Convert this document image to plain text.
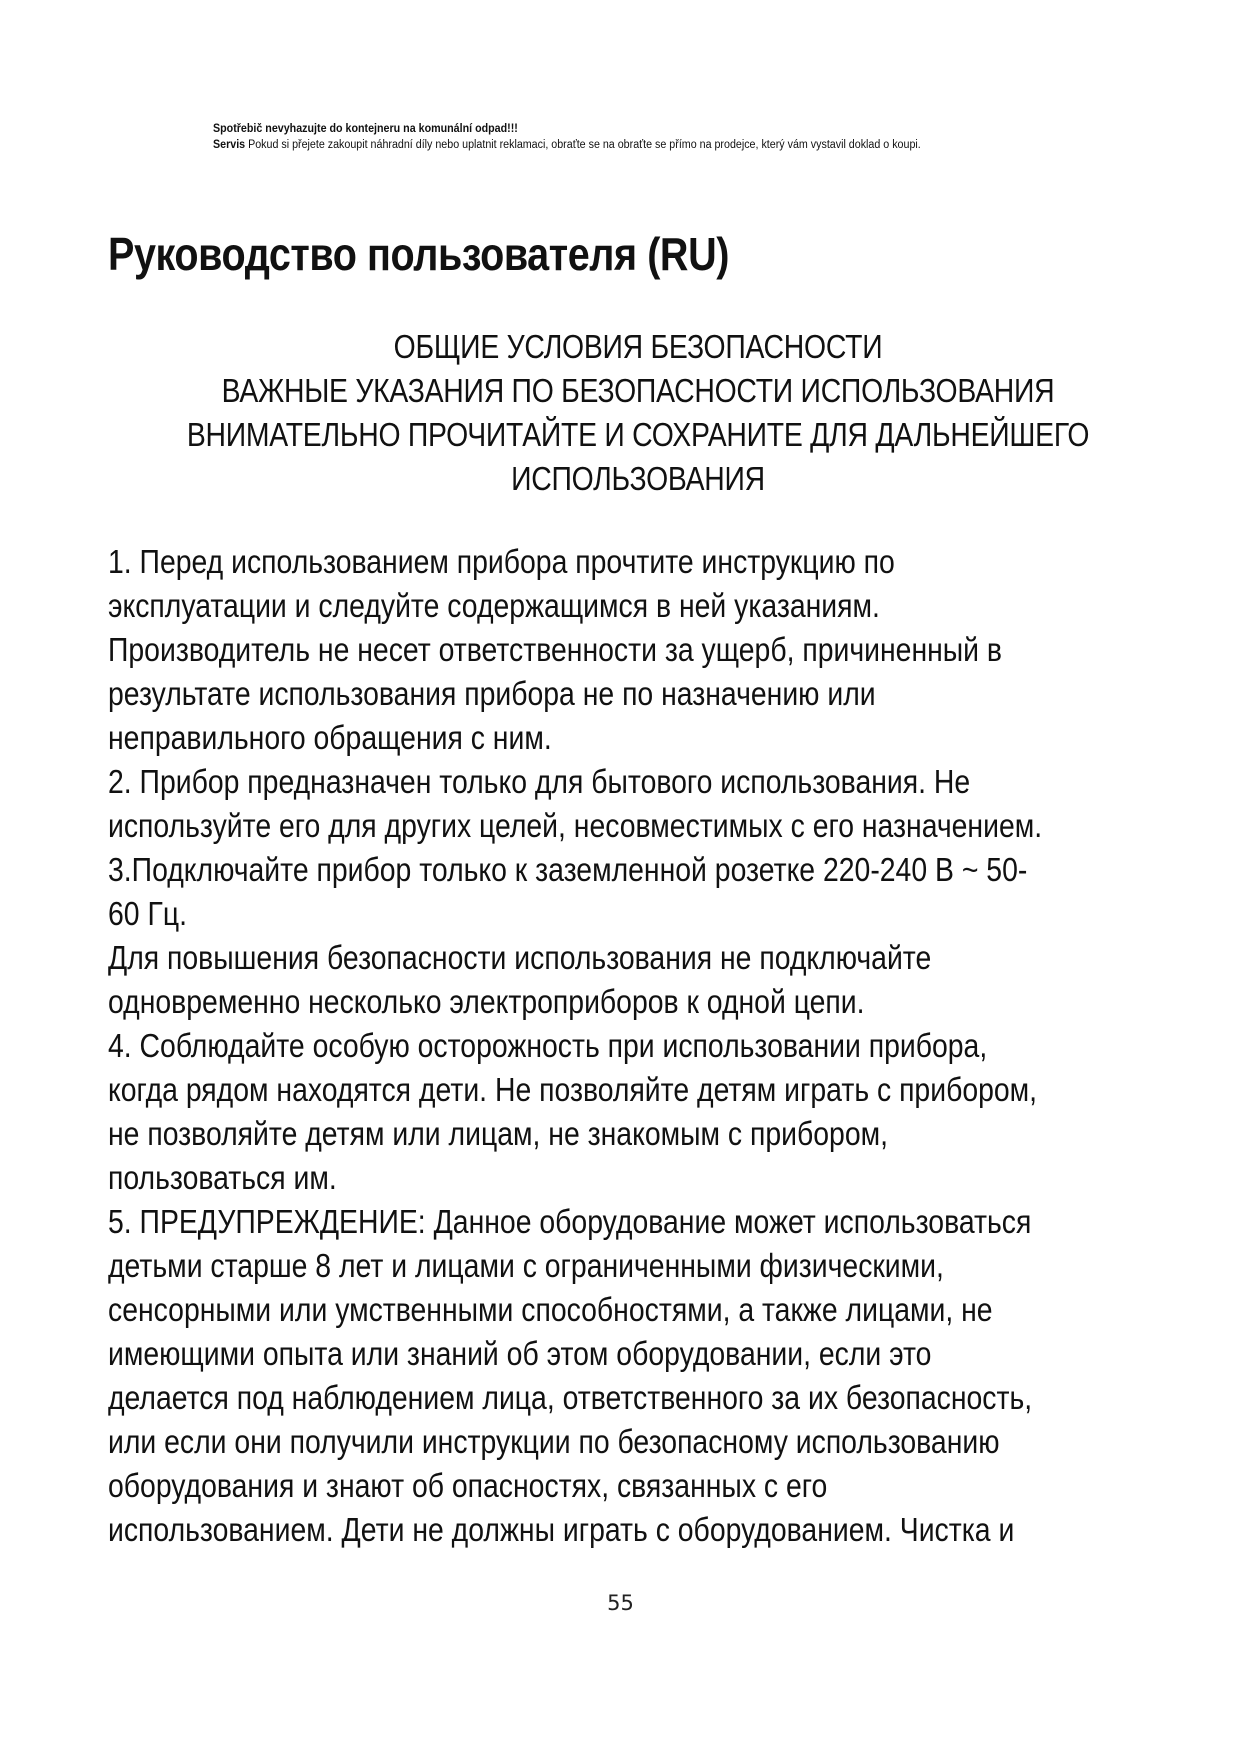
Spotřebič nevyhazujte do kontejneru na komunální odpad!!!
Servis Pokud si přejete zakoupit náhradní díly nebo uplatnit reklamaci, obraťte se na obraťte se přímo na prodejce, který vám vystavil doklad o koupi.
Руководство пользователя (RU)
ОБЩИЕ УСЛОВИЯ БЕЗОПАСНОСТИ
ВАЖНЫЕ УКАЗАНИЯ ПО БЕЗОПАСНОСТИ ИСПОЛЬЗОВАНИЯ
ВНИМАТЕЛЬНО ПРОЧИТАЙТЕ И СОХРАНИТЕ ДЛЯ ДАЛЬНЕЙШЕГО
ИСПОЛЬЗОВАНИЯ
1. Перед использованием прибора прочтите инструкцию по
эксплуатации и следуйте содержащимся в ней указаниям.
Производитель не несет ответственности за ущерб, причиненный в
результате использования прибора не по назначению или
неправильного обращения с ним.
2. Прибор предназначен только для бытового использования. Не
используйте его для других целей, несовместимых с его назначением.
3.Подключайте прибор только к заземленной розетке 220-240 В ~ 50-
60 Гц.
Для повышения безопасности использования не подключайте
одновременно несколько электроприборов к одной цепи.
4. Соблюдайте особую осторожность при использовании прибора,
когда рядом находятся дети. Не позволяйте детям играть с прибором,
не позволяйте детям или лицам, не знакомым с прибором,
пользоваться им.
5. ПРЕДУПРЕЖДЕНИЕ: Данное оборудование может использоваться
детьми старше 8 лет и лицами с ограниченными физическими,
сенсорными или умственными способностями, а также лицами, не
имеющими опыта или знаний об этом оборудовании, если это
делается под наблюдением лица, ответственного за их безопасность,
или если они получили инструкции по безопасному использованию
оборудования и знают об опасностях, связанных с его
использованием. Дети не должны играть с оборудованием. Чистка и
55
